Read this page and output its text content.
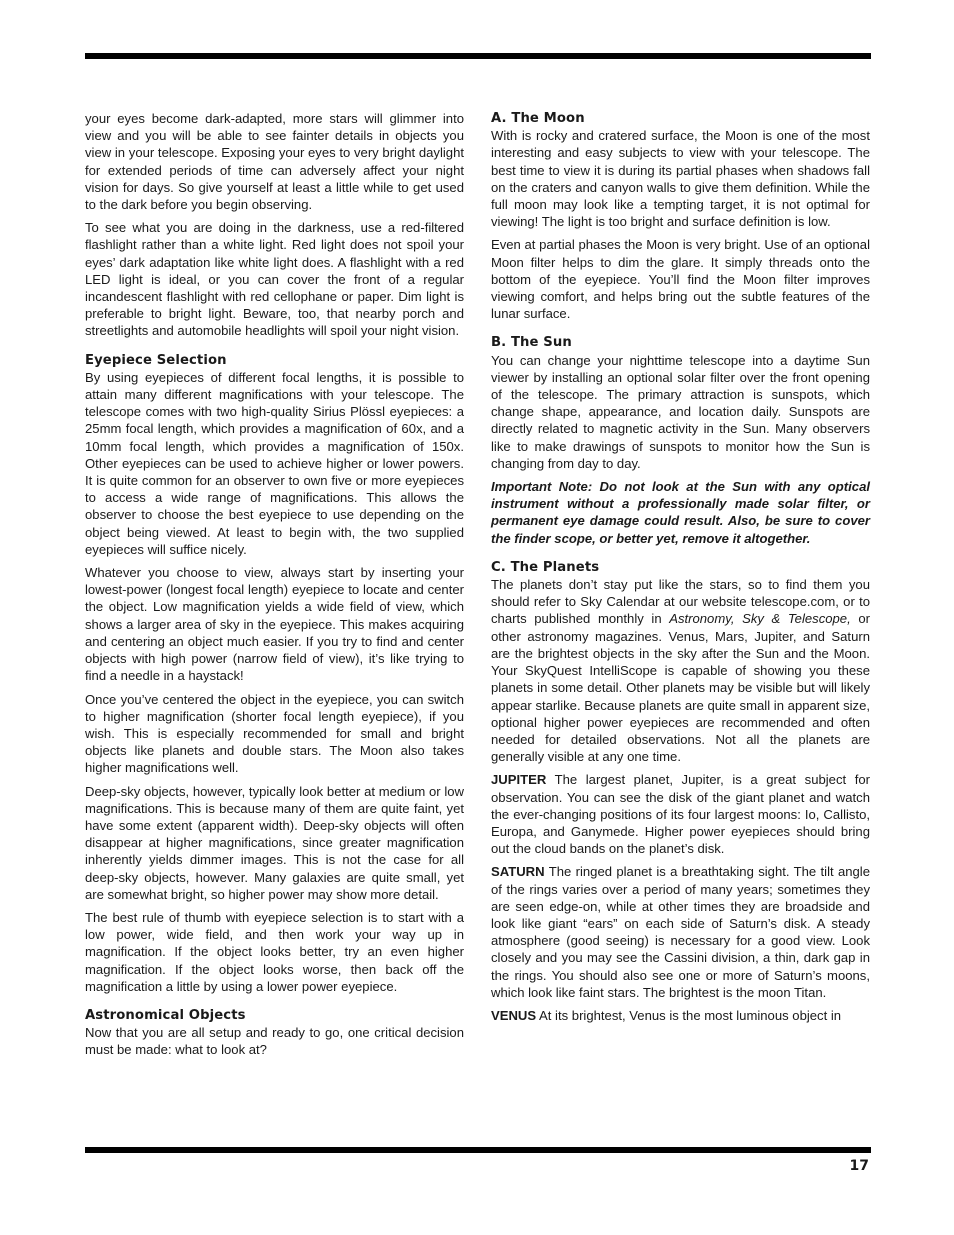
your eyes become dark-adapted, more stars will glimmer into view and you will be able to see fainter details in objects you view in your telescope. Exposing your eyes to very bright daylight for extended periods of time can adversely affect your night vision for days. So give yourself at least a little while to get used to the dark before you begin observing.

To see what you are doing in the darkness, use a red-filtered flashlight rather than a white light. Red light does not spoil your eyes’ dark adaptation like white light does. A flashlight with a red LED light is ideal, or you can cover the front of a regular incandescent flashlight with red cellophane or paper. Dim light is preferable to bright light. Beware, too, that nearby porch and streetlights and automobile headlights will spoil your night vision.

Eyepiece Selection

By using eyepieces of different focal lengths, it is possible to attain many different magnifications with your telescope. The telescope comes with two high-quality Sirius Plössl eyepieces: a 25mm focal length, which provides a magnification of 60x, and a 10mm focal length, which provides a magnification of 150x. Other eyepieces can be used to achieve higher or lower powers. It is quite common for an observer to own five or more eyepieces to access a wide range of magnifications. This allows the observer to choose the best eyepiece to use depending on the object being viewed. At least to begin with, the two supplied eyepieces will suffice nicely.

Whatever you choose to view, always start by inserting your lowest-power (longest focal length) eyepiece to locate and center the object. Low magnification yields a wide field of view, which shows a larger area of sky in the eyepiece. This makes acquiring and centering an object much easier. If you try to find and center objects with high power (narrow field of view), it’s like trying to find a needle in a haystack!

Once you’ve centered the object in the eyepiece, you can switch to higher magnification (shorter focal length eyepiece), if you wish. This is especially recommended for small and bright objects like planets and double stars. The Moon also takes higher magnifications well.

Deep-sky objects, however, typically look better at medium or low magnifications. This is because many of them are quite faint, yet have some extent (apparent width). Deep-sky objects will often disappear at higher magnifications, since greater magnification inherently yields dimmer images. This is not the case for all deep-sky objects, however. Many galaxies are quite small, yet are somewhat bright, so higher power may show more detail.

The best rule of thumb with eyepiece selection is to start with a low power, wide field, and then work your way up in magnification. If the object looks better, try an even higher magnification. If the object looks worse, then back off the magnification a little by using a lower power eyepiece.

Astronomical Objects

Now that you are all setup and ready to go, one critical decision must be made: what to look at?

A. The Moon

With is rocky and cratered surface, the Moon is one of the most interesting and easy subjects to view with your telescope. The best time to view it is during its partial phases when shadows fall on the craters and canyon walls to give them definition. While the full moon may look like a tempting target, it is not optimal for viewing! The light is too bright and surface definition is low.

Even at partial phases the Moon is very bright. Use of an optional Moon filter helps to dim the glare. It simply threads onto the bottom of the eyepiece. You’ll find the Moon filter improves viewing comfort, and helps bring out the subtle features of the lunar surface.

B. The Sun

You can change your nighttime telescope into a daytime Sun viewer by installing an optional solar filter over the front opening of the telescope. The primary attraction is sunspots, which change shape, appearance, and location daily. Sunspots are directly related to magnetic activity in the Sun. Many observers like to make drawings of sunspots to monitor how the Sun is changing from day to day.

Important Note: Do not look at the Sun with any optical instrument without a professionally made solar filter, or permanent eye damage could result. Also, be sure to cover the finder scope, or better yet, remove it altogether.

C. The Planets

The planets don’t stay put like the stars, so to find them you should refer to Sky Calendar at our website telescope.com, or to charts published monthly in Astronomy, Sky & Telescope, or other astronomy magazines. Venus, Mars, Jupiter, and Saturn are the brightest objects in the sky after the Sun and the Moon. Your SkyQuest IntelliScope is capable of showing you these planets in some detail. Other planets may be visible but will likely appear starlike. Because planets are quite small in apparent size, optional higher power eyepieces are recommended and often needed for detailed observations. Not all the planets are generally visible at any one time.

JUPITER The largest planet, Jupiter, is a great subject for observation. You can see the disk of the giant planet and watch the ever-changing positions of its four largest moons: Io, Callisto, Europa, and Ganymede. Higher power eyepieces should bring out the cloud bands on the planet’s disk.

SATURN The ringed planet is a breathtaking sight. The tilt angle of the rings varies over a period of many years; sometimes they are seen edge-on, while at other times they are broadside and look like giant “ears” on each side of Saturn’s disk. A steady atmosphere (good seeing) is necessary for a good view. Look closely and you may see the Cassini division, a thin, dark gap in the rings. You should also see one or more of Saturn’s moons, which look like faint stars. The brightest is the moon Titan.

VENUS At its brightest, Venus is the most luminous object in

17
